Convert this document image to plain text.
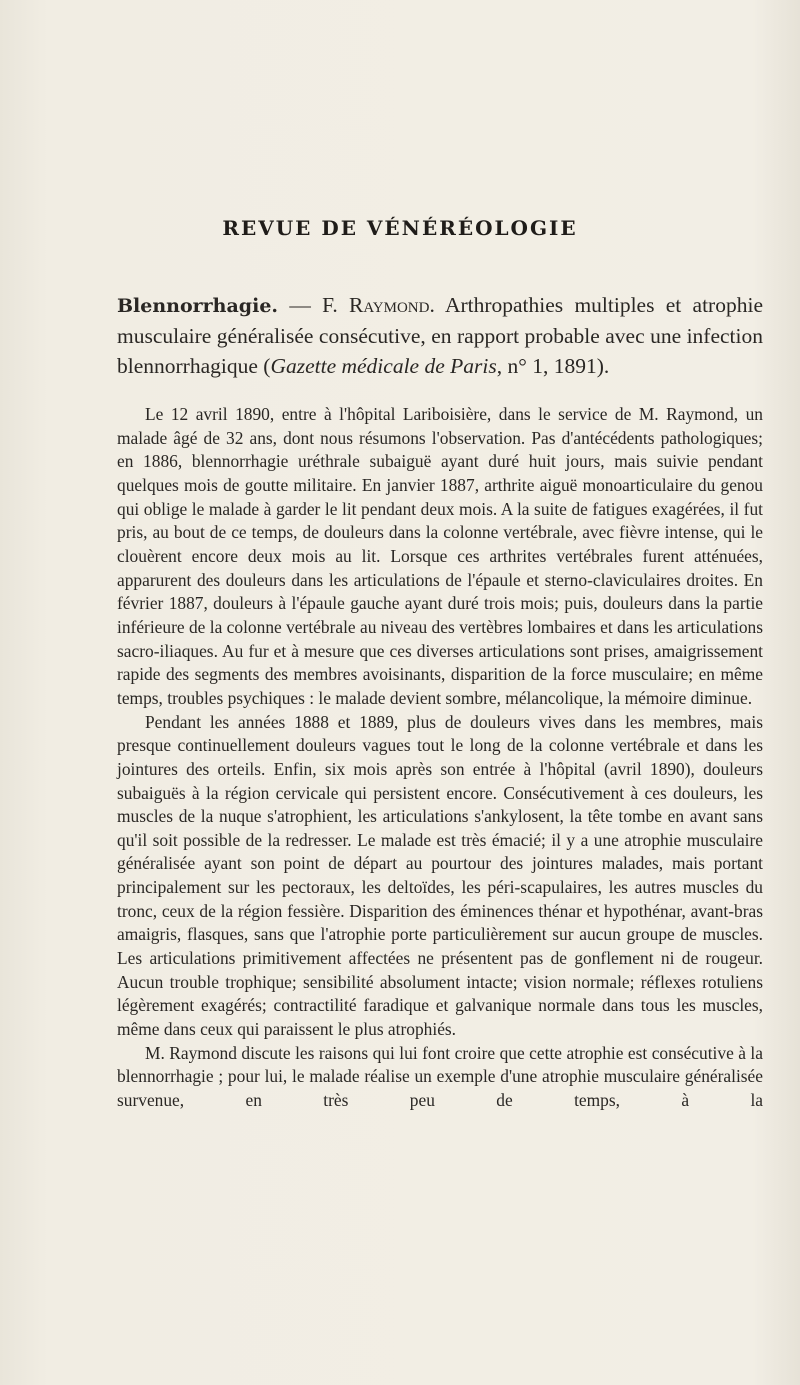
REVUE DE VÉNÉRÉOLOGIE

Blennorrhagie. — F. Raymond. Arthropathies multiples et atrophie musculaire généralisée consécutive, en rapport probable avec une infection blennorrhagique (Gazette médicale de Paris, n° 1, 1891).

Le 12 avril 1890, entre à l'hôpital Lariboisière, dans le service de M. Raymond, un malade âgé de 32 ans, dont nous résumons l'observation. Pas d'antécédents pathologiques; en 1886, blennorrhagie uréthrale subaiguë ayant duré huit jours, mais suivie pendant quelques mois de goutte militaire. En janvier 1887, arthrite aiguë monoarticulaire du genou qui oblige le malade à garder le lit pendant deux mois. A la suite de fatigues exagérées, il fut pris, au bout de ce temps, de douleurs dans la colonne vertébrale, avec fièvre intense, qui le clouèrent encore deux mois au lit. Lorsque ces arthrites vertébrales furent atténuées, apparurent des douleurs dans les articulations de l'épaule et sterno-claviculaires droites. En février 1887, douleurs à l'épaule gauche ayant duré trois mois; puis, douleurs dans la partie inférieure de la colonne vertébrale au niveau des vertèbres lombaires et dans les articulations sacro-iliaques. Au fur et à mesure que ces diverses articulations sont prises, amaigrissement rapide des segments des membres avoisinants, disparition de la force musculaire; en même temps, troubles psychiques : le malade devient sombre, mélancolique, la mémoire diminue.

Pendant les années 1888 et 1889, plus de douleurs vives dans les membres, mais presque continuellement douleurs vagues tout le long de la colonne vertébrale et dans les jointures des orteils. Enfin, six mois après son entrée à l'hôpital (avril 1890), douleurs subaiguës à la région cervicale qui persistent encore. Consécutivement à ces douleurs, les muscles de la nuque s'atrophient, les articulations s'ankylosent, la tête tombe en avant sans qu'il soit possible de la redresser. Le malade est très émacié; il y a une atrophie musculaire généralisée ayant son point de départ au pourtour des jointures malades, mais portant principalement sur les pectoraux, les deltoïdes, les péri-scapulaires, les autres muscles du tronc, ceux de la région fessière. Disparition des éminences thénar et hypothénar, avant-bras amaigris, flasques, sans que l'atrophie porte particulièrement sur aucun groupe de muscles. Les articulations primitivement affectées ne présentent pas de gonflement ni de rougeur. Aucun trouble trophique; sensibilité absolument intacte; vision normale; réflexes rotuliens légèrement exagérés; contractilité faradique et galvanique normale dans tous les muscles, même dans ceux qui paraissent le plus atrophiés.

M. Raymond discute les raisons qui lui font croire que cette atrophie est consécutive à la blennorrhagie ; pour lui, le malade réalise un exemple d'une atrophie musculaire généralisée survenue, en très peu de temps, à la
